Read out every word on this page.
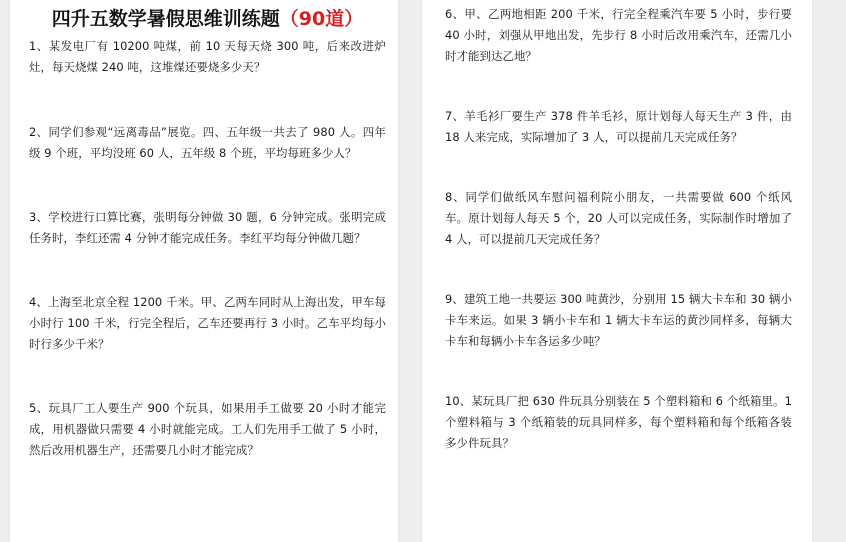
四升五数学暑假思维训练题（90道）

1、某发电厂有 10200 吨煤，前 10 天每天烧 300 吨，后来改进炉灶，每天烧煤 240 吨，这堆煤还要烧多少天？

2、同学们参观“远离毒品”展览。四、五年级一共去了 980 人。四年级 9 个班，平均没班 60 人，五年级 8 个班，平均每班多少人？

3、学校进行口算比赛，张明每分钟做 30 题，6 分钟完成。张明完成任务时，李红还需 4 分钟才能完成任务。李红平均每分钟做几题？

4、上海至北京全程 1200 千米。甲、乙两车同时从上海出发，甲车每小时行 100 千米，行完全程后，乙车还要再行 3 小时。乙车平均每小时行多少千米？

5、玩具厂工人要生产 900 个玩具，如果用手工做要 20 小时才能完成，用机器做只需要 4 小时就能完成。工人们先用手工做了 5 小时，然后改用机器生产，还需要几小时才能完成？

6、甲、乙两地相距 200 千米，行完全程乘汽车要 5 小时，步行要 40 小时，刘强从甲地出发，先步行 8 小时后改用乘汽车，还需几小时才能到达乙地？

7、羊毛衫厂要生产 378 件羊毛衫，原计划每人每天生产 3 件，由 18 人来完成，实际增加了 3 人，可以提前几天完成任务？

8、同学们做纸风车慰问福利院小朋友，一共需要做 600 个纸风车。原计划每人每天 5 个，20 人可以完成任务，实际制作时增加了 4 人，可以提前几天完成任务？

9、建筑工地一共要运 300 吨黄沙，分别用 15 辆大卡车和 30 辆小卡车来运。如果 3 辆小卡车和 1 辆大卡车运的黄沙同样多，每辆大卡车和每辆小卡车各运多少吨？

10、某玩具厂把 630 件玩具分别装在 5 个塑料箱和 6 个纸箱里。1 个塑料箱与 3 个纸箱装的玩具同样多，每个塑料箱和每个纸箱各装多少件玩具？
